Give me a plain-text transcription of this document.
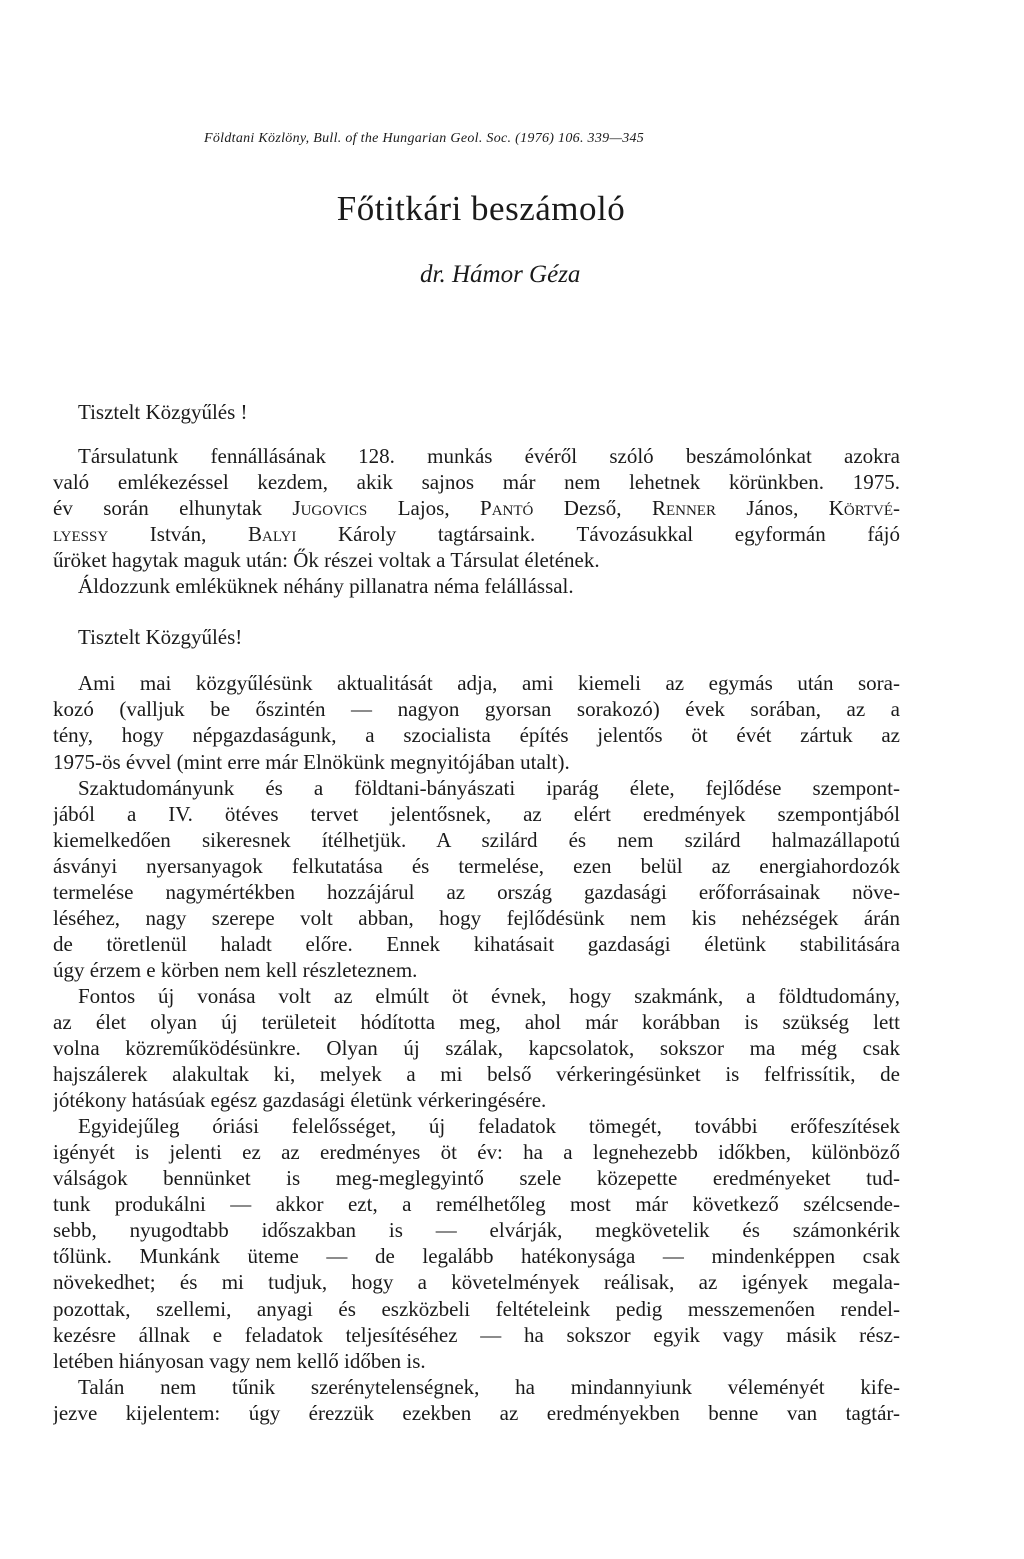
Földtani Közlöny, Bull. of the Hungarian Geol. Soc. (1976) 106. 339—345
Főtitkári beszámoló
dr. Hámor Géza
Tisztelt Közgyűlés !
Társulatunk fennállásának 128. munkás évéről szóló beszámolónkat azokra
való emlékezéssel kezdem, akik sajnos már nem lehetnek körünkben. 1975.
év során elhunytak Jugovics Lajos, Pantó Dezső, Renner János, Körtvé-
lyessy István, Balyi Károly tagtársaink. Távozásukkal egyformán fájó
űröket hagytak maguk után: Ők részei voltak a Társulat életének.
Áldozzunk emléküknek néhány pillanatra néma felállással.
Tisztelt Közgyűlés!
Ami mai közgyűlésünk aktualitását adja, ami kiemeli az egymás után sora-
kozó (valljuk be őszintén — nagyon gyorsan sorakozó) évek sorában, az a
tény, hogy népgazdaságunk, a szocialista építés jelentős öt évét zártuk az
1975-ös évvel (mint erre már Elnökünk megnyitójában utalt).
Szaktudományunk és a földtani-bányászati iparág élete, fejlődése szempont-
jából a IV. ötéves tervet jelentősnek, az elért eredmények szempontjából
kiemelkedően sikeresnek ítélhetjük. A szilárd és nem szilárd halmazállapotú
ásványi nyersanyagok felkutatása és termelése, ezen belül az energiahordozók
termelése nagymértékben hozzájárul az ország gazdasági erőforrásainak növe-
léséhez, nagy szerepe volt abban, hogy fejlődésünk nem kis nehézségek árán
de töretlenül haladt előre. Ennek kihatásait gazdasági életünk stabilitására
úgy érzem e körben nem kell részleteznem.
Fontos új vonása volt az elmúlt öt évnek, hogy szakmánk, a földtudomány,
az élet olyan új területeit hódította meg, ahol már korábban is szükség lett
volna közreműködésünkre. Olyan új szálak, kapcsolatok, sokszor ma még csak
hajszálerek alakultak ki, melyek a mi belső vérkeringésünket is felfrissítik, de
jótékony hatásúak egész gazdasági életünk vérkeringésére.
Egyidejűleg óriási felelősséget, új feladatok tömegét, további erőfeszítések
igényét is jelenti ez az eredményes öt év: ha a legnehezebb időkben, különböző
válságok bennünket is meg-meglegyintő szele közepette eredményeket tud-
tunk produkálni — akkor ezt, a remélhetőleg most már következő szélcsende-
sebb, nyugodtabb időszakban is — elvárják, megkövetelik és számonkérik
tőlünk. Munkánk üteme — de legalább hatékonysága — mindenképpen csak
növekedhet; és mi tudjuk, hogy a követelmények reálisak, az igények megala-
pozottak, szellemi, anyagi és eszközbeli feltételeink pedig messzemenően rendel-
kezésre állnak e feladatok teljesítéséhez — ha sokszor egyik vagy másik rész-
letében hiányosan vagy nem kellő időben is.
Talán nem tűnik szerénytelenségnek, ha mindannyiunk véleményét kife-
jezve kijelentem: úgy érezzük ezekben az eredményekben benne van tagtár-
